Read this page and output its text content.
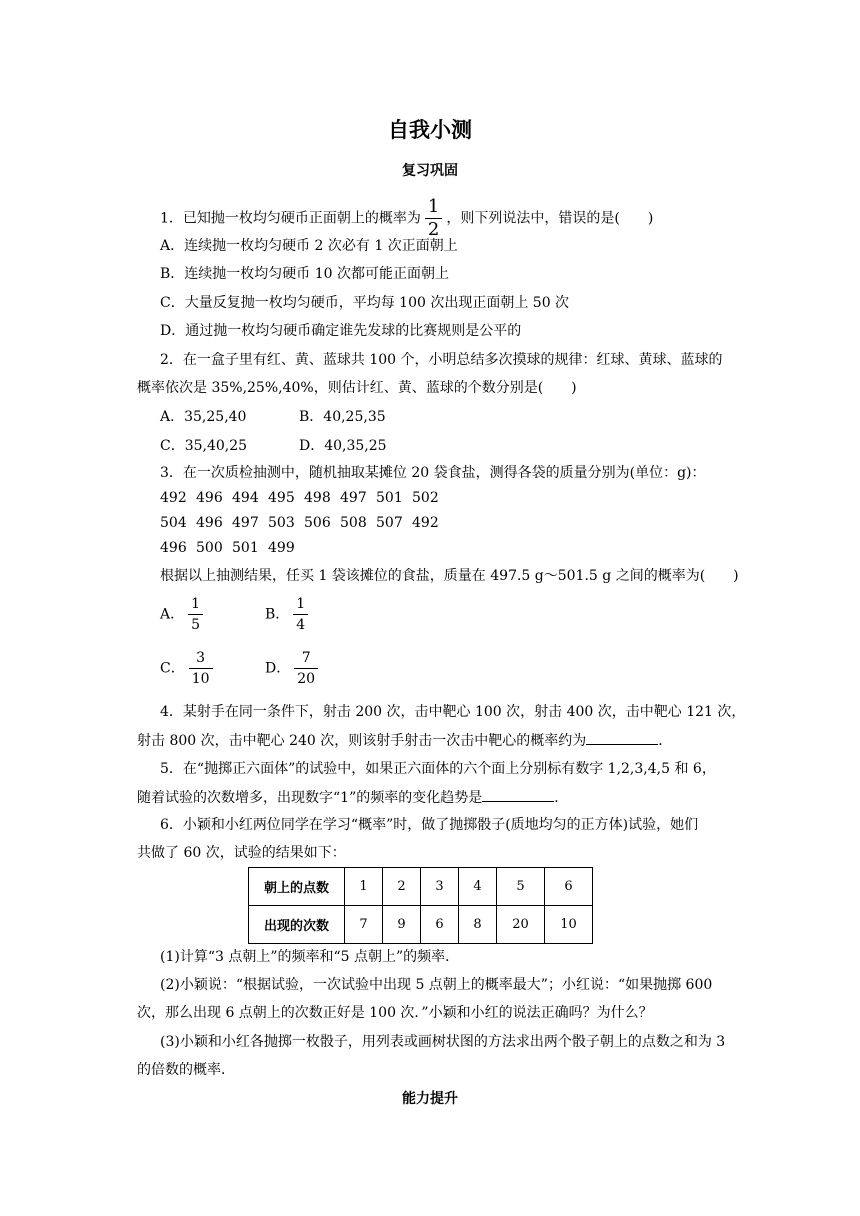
自我小测
复习巩固
1．已知抛一枚均匀硬币正面朝上的概率为 $\frac{1}{2}$ ，则下列说法中，错误的是(　　)
A．连续抛一枚均匀硬币 2 次必有 1 次正面朝上
B．连续抛一枚均匀硬币 10 次都可能正面朝上
C．大量反复抛一枚均匀硬币，平均每 100 次出现正面朝上 50 次
D．通过抛一枚均匀硬币确定谁先发球的比赛规则是公平的
2．在一盒子里有红、黄、蓝球共 100 个，小明总结多次摸球的规律：红球、黄球、蓝球的
概率依次是 35%,25%,40%，则估计红、黄、蓝球的个数分别是(　　)
A．35,25,40	B．40,25,35
C．35,40,25	D．40,35,25
3．在一次质检抽测中，随机抽取某摊位 20 袋食盐，测得各袋的质量分别为(单位：g)：
492 496 494 495 498 497 501 502
504 496 497 503 506 508 507 492
496 500 501 499
根据以上抽测结果，任买 1 袋该摊位的食盐，质量在 497.5 g～501.5 g 之间的概率为(　　)
A． $\frac{1}{5}$	B． $\frac{1}{4}$
C． $\frac{3}{10}$	D． $\frac{7}{20}$
4．某射手在同一条件下，射击 200 次，击中靶心 100 次，射击 400 次，击中靶心 121 次，
射击 800 次，击中靶心 240 次，则该射手射击一次击中靶心的概率约为	．
5．在“抛掷正六面体”的试验中，如果正六面体的六个面上分别标有数字 1,2,3,4,5 和 6，
随着试验的次数增多，出现数字“1”的频率的变化趋势是	．
6．小颖和小红两位同学在学习“概率”时，做了抛掷骰子(质地均匀的正方体)试验，她们
共做了 60 次，试验的结果如下：
朝上的点数	1	2	3	4	5	6
出现的次数	7	9	6	8	20	10
(1)计算“3 点朝上”的频率和“5 点朝上”的频率．
(2)小颖说：“根据试验，一次试验中出现 5 点朝上的概率最大”；小红说：“如果抛掷 600
次，那么出现 6 点朝上的次数正好是 100 次．”小颖和小红的说法正确吗？为什么？
(3)小颖和小红各抛掷一枚骰子，用列表或画树状图的方法求出两个骰子朝上的点数之和为 3
的倍数的概率．
能力提升
